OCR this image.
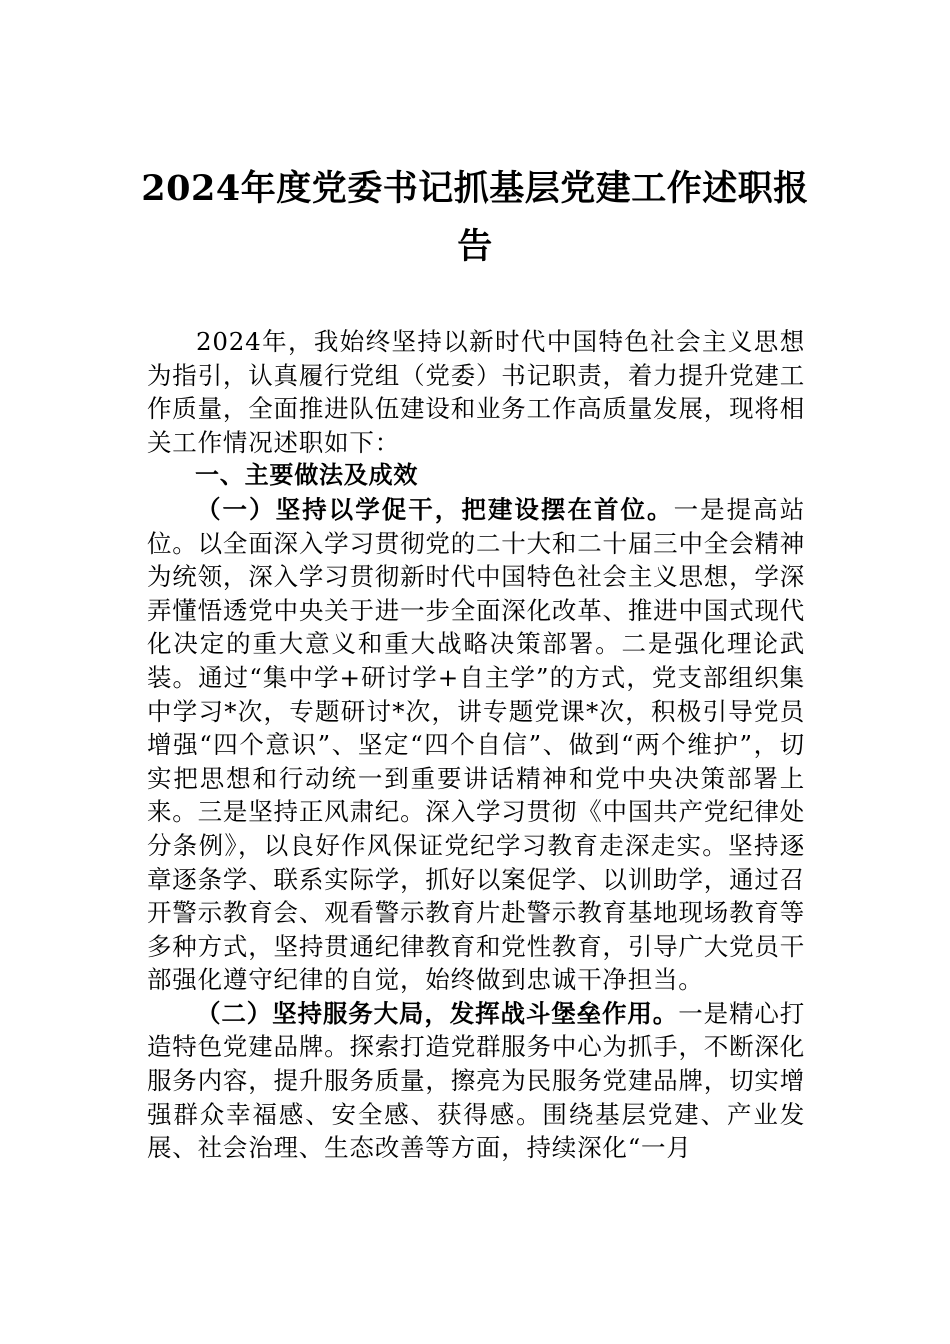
2024年度党委书记抓基层党建工作述职报告

2024年，我始终坚持以新时代中国特色社会主义思想为指引，认真履行党组（党委）书记职责，着力提升党建工作质量，全面推进队伍建设和业务工作高质量发展，现将相关工作情况述职如下：

一、主要做法及成效

（一）坚持以学促干，把建设摆在首位。一是提高站位。以全面深入学习贯彻党的二十大和二十届三中全会精神为统领，深入学习贯彻新时代中国特色社会主义思想，学深弄懂悟透党中央关于进一步全面深化改革、推进中国式现代化决定的重大意义和重大战略决策部署。二是强化理论武装。通过“集中学+研讨学+自主学”的方式，党支部组织集中学习*次，专题研讨*次，讲专题党课*次，积极引导党员增强“四个意识”、坚定“四个自信”、做到“两个维护”，切实把思想和行动统一到重要讲话精神和党中央决策部署上来。三是坚持正风肃纪。深入学习贯彻《中国共产党纪律处分条例》，以良好作风保证党纪学习教育走深走实。坚持逐章逐条学、联系实际学，抓好以案促学、以训助学，通过召开警示教育会、观看警示教育片赴警示教育基地现场教育等多种方式，坚持贯通纪律教育和党性教育，引导广大党员干部强化遵守纪律的自觉，始终做到忠诚干净担当。

（二）坚持服务大局，发挥战斗堡垒作用。一是精心打造特色党建品牌。探索打造党群服务中心为抓手，不断深化服务内容，提升服务质量，擦亮为民服务党建品牌，切实增强群众幸福感、安全感、获得感。围绕基层党建、产业发展、社会治理、生态改善等方面，持续深化“一月
